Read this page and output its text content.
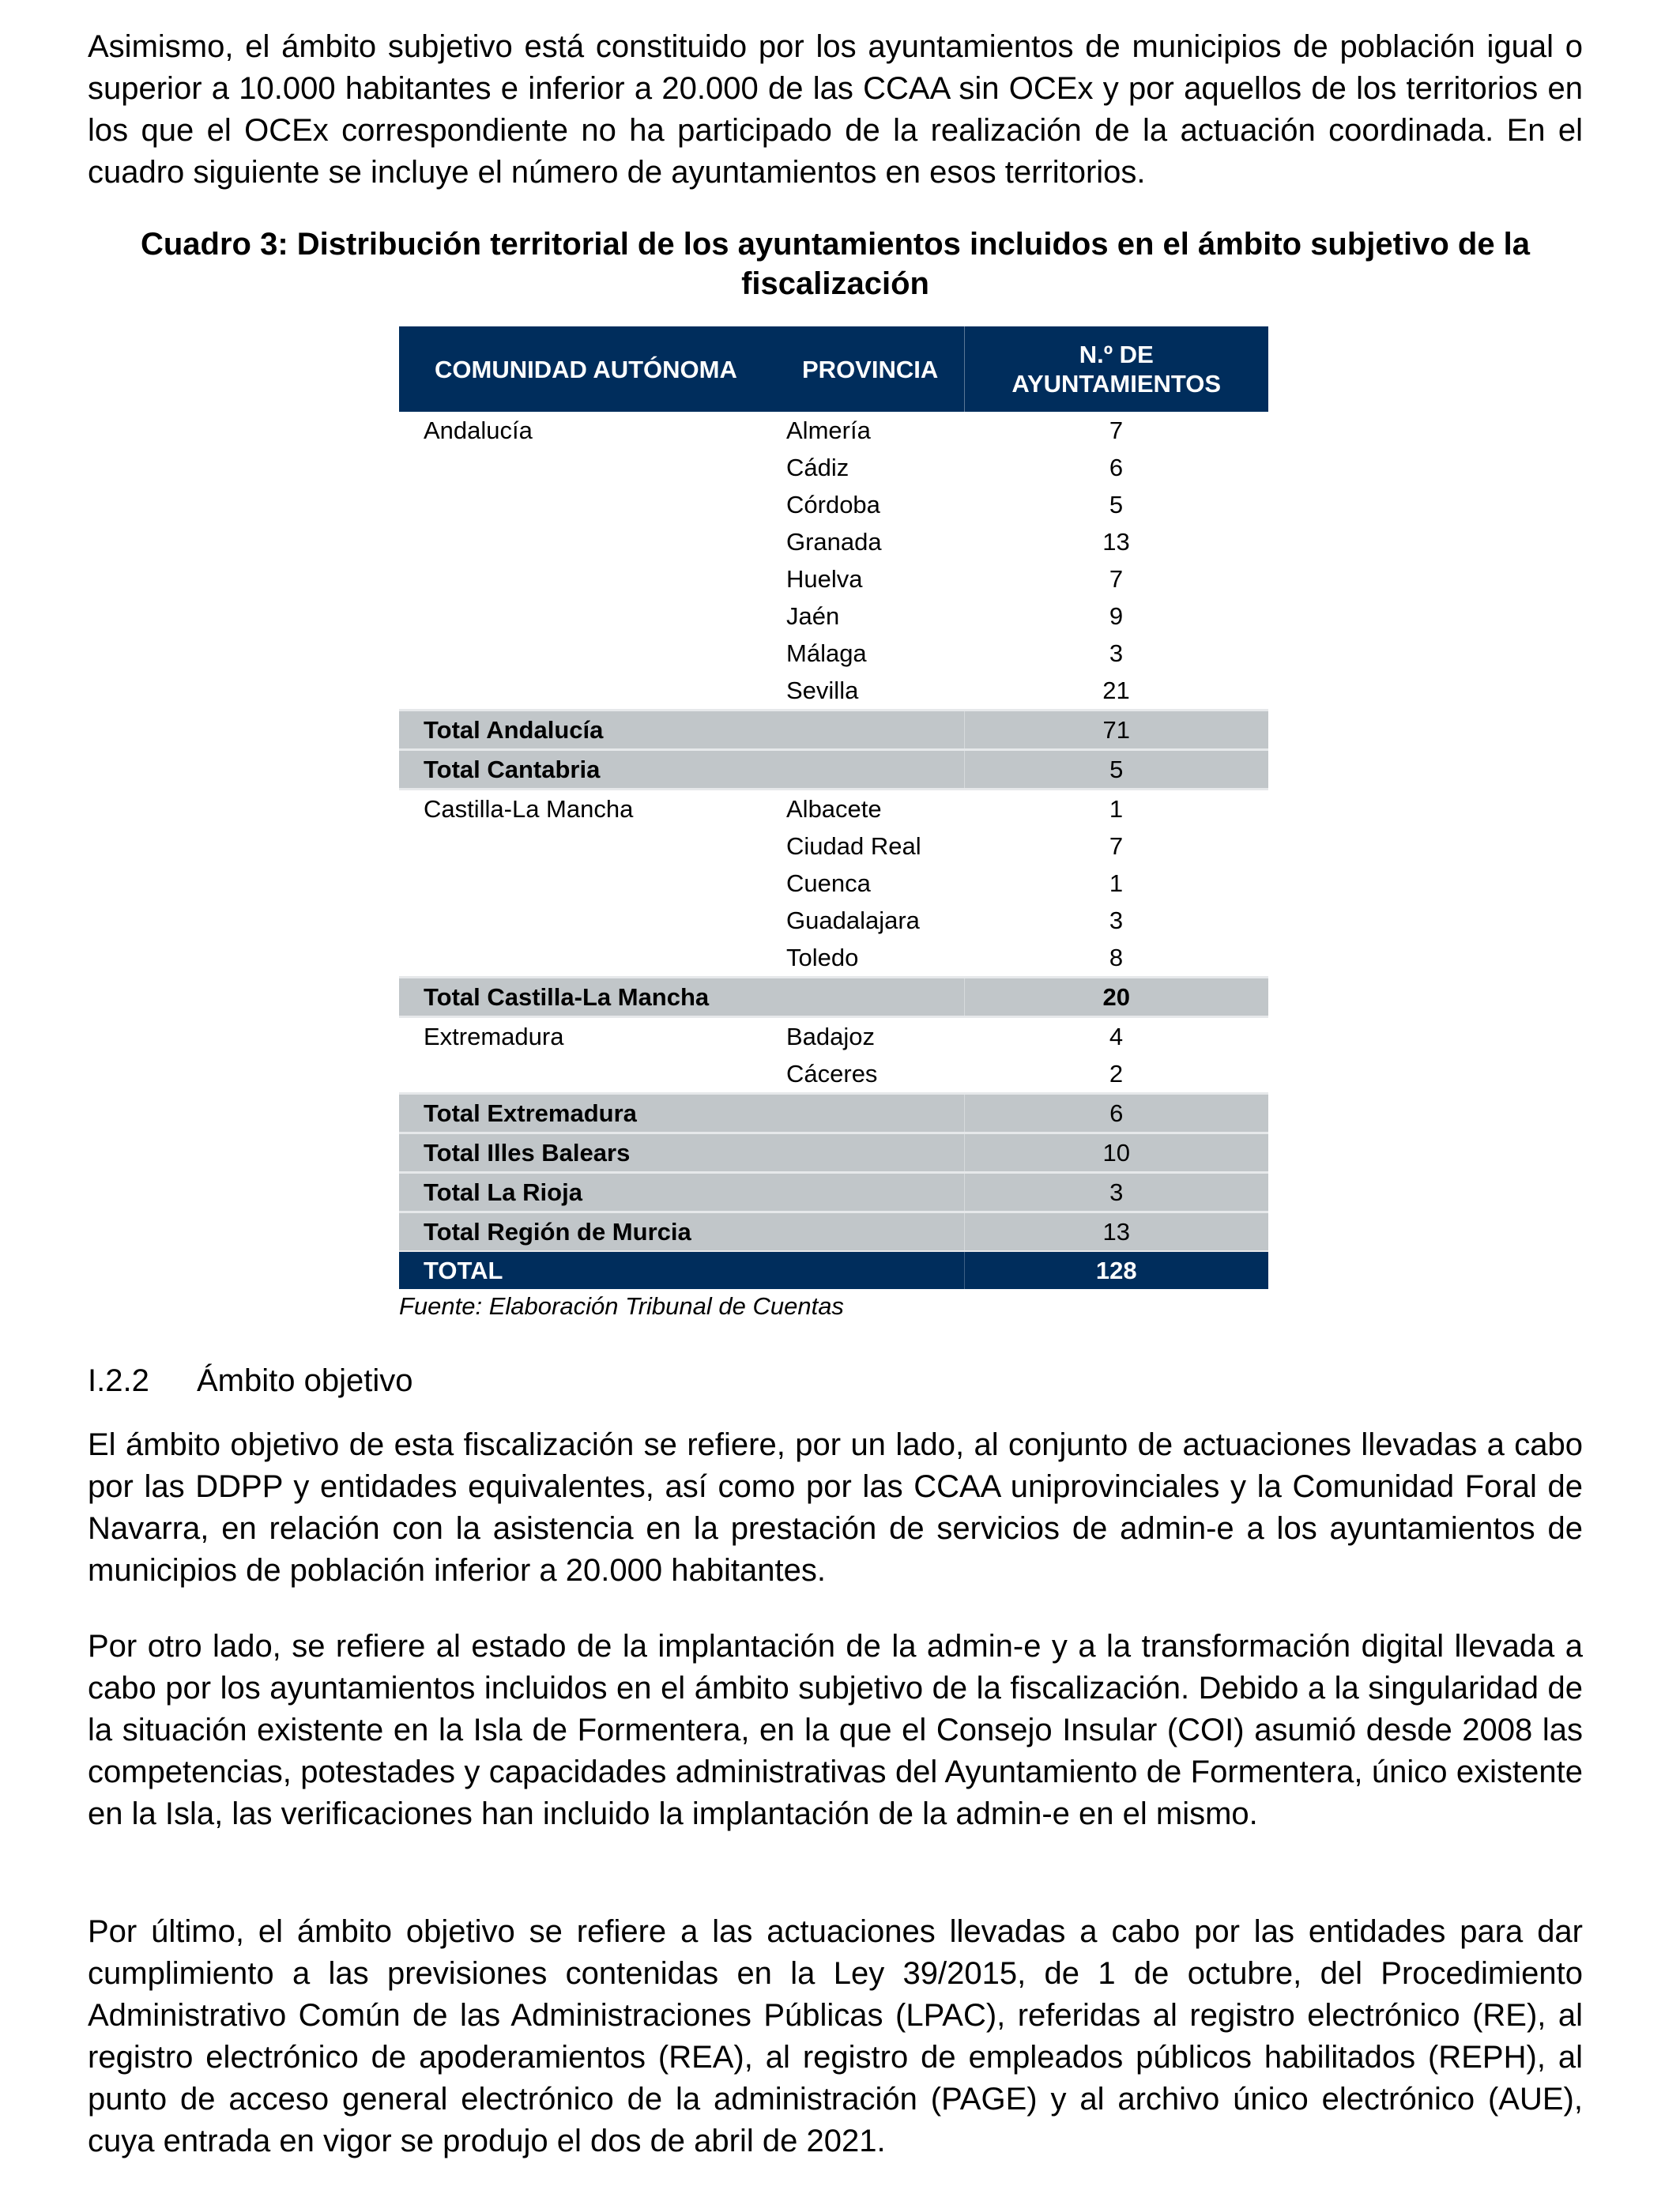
Asimismo, el ámbito subjetivo está constituido por los ayuntamientos de municipios de población igual o superior a 10.000 habitantes e inferior a 20.000 de las CCAA sin OCEx y por aquellos de los territorios en los que el OCEx correspondiente no ha participado de la realización de la actuación coordinada. En el cuadro siguiente se incluye el número de ayuntamientos en esos territorios.

Cuadro 3: Distribución territorial de los ayuntamientos incluidos en el ámbito subjetivo de la fiscalización

COMUNIDAD AUTÓNOMA	PROVINCIA	N.º DE AYUNTAMIENTOS
Andalucía	Almería	7
	Cádiz	6
	Córdoba	5
	Granada	13
	Huelva	7
	Jaén	9
	Málaga	3
	Sevilla	21
Total Andalucía		71
Total Cantabria		5
Castilla-La Mancha	Albacete	1
	Ciudad Real	7
	Cuenca	1
	Guadalajara	3
	Toledo	8
Total Castilla-La Mancha		20
Extremadura	Badajoz	4
	Cáceres	2
Total Extremadura		6
Total Illes Balears		10
Total La Rioja		3
Total Región de Murcia		13
TOTAL		128

Fuente: Elaboración Tribunal de Cuentas

I.2.2 Ámbito objetivo

El ámbito objetivo de esta fiscalización se refiere, por un lado, al conjunto de actuaciones llevadas a cabo por las DDPP y entidades equivalentes, así como por las CCAA uniprovinciales y la Comunidad Foral de Navarra, en relación con la asistencia en la prestación de servicios de admin-e a los ayuntamientos de municipios de población inferior a 20.000 habitantes.

Por otro lado, se refiere al estado de la implantación de la admin-e y a la transformación digital llevada a cabo por los ayuntamientos incluidos en el ámbito subjetivo de la fiscalización. Debido a la singularidad de la situación existente en la Isla de Formentera, en la que el Consejo Insular (COI) asumió desde 2008 las competencias, potestades y capacidades administrativas del Ayuntamiento de Formentera, único existente en la Isla, las verificaciones han incluido la implantación de la admin-e en el mismo.

Por último, el ámbito objetivo se refiere a las actuaciones llevadas a cabo por las entidades para dar cumplimiento a las previsiones contenidas en la Ley 39/2015, de 1 de octubre, del Procedimiento Administrativo Común de las Administraciones Públicas (LPAC), referidas al registro electrónico (RE), al registro electrónico de apoderamientos (REA), al registro de empleados públicos habilitados (REPH), al punto de acceso general electrónico de la administración (PAGE) y al archivo único electrónico (AUE), cuya entrada en vigor se produjo el dos de abril de 2021.
